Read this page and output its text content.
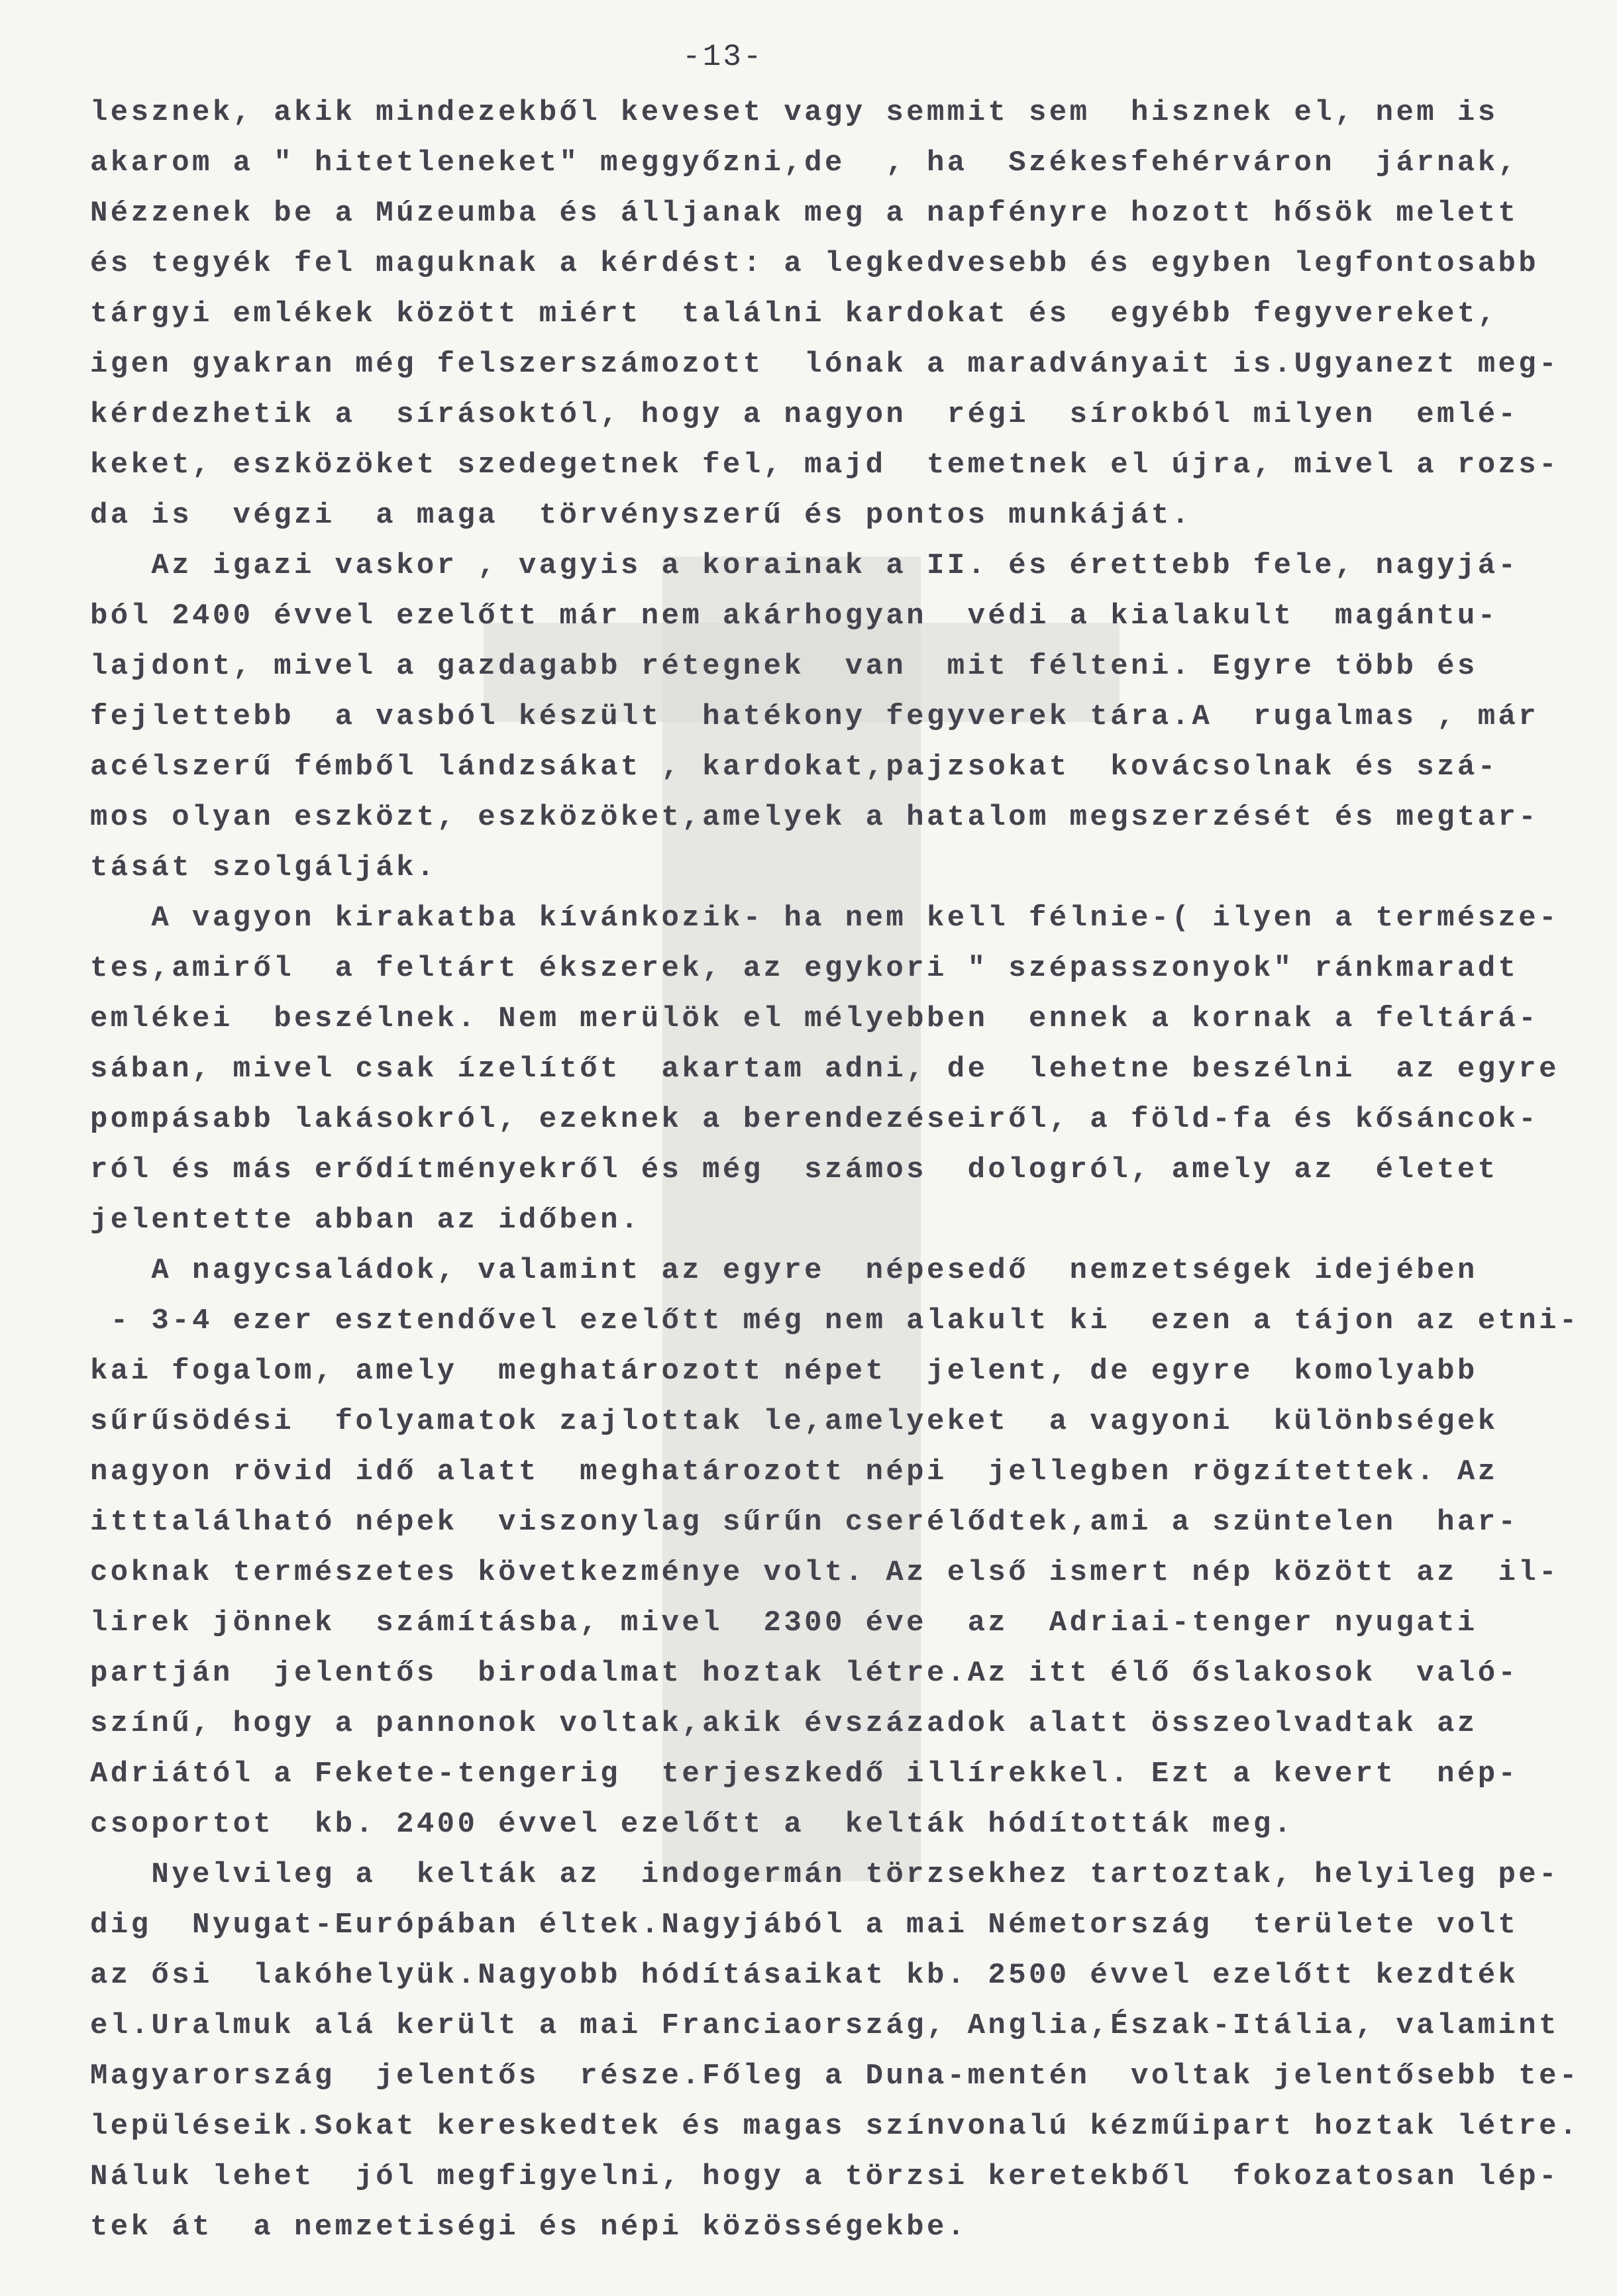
-13-
lesznek, akik mindezekből keveset vagy semmit sem  hisznek el, nem is
akarom a " hitetleneket" meggyőzni,de  , ha  Székesfehérváron  járnak,
Nézzenek be a Múzeumba és álljanak meg a napfényre hozott hősök melett
és tegyék fel maguknak a kérdést: a legkedvesebb és egyben legfontosabb
tárgyi emlékek között miért  találni kardokat és  egyébb fegyvereket,
igen gyakran még felszerszámozott  lónak a maradványait is.Ugyanezt meg-
kérdezhetik a  sírásoktól, hogy a nagyon  régi  sírokból milyen  emlé-
keket, eszközöket szedegetnek fel, majd  temetnek el újra, mivel a rozs-
da is  végzi  a maga  törvényszerű és pontos munkáját.
Az igazi vaskor , vagyis a korainak a II. és érettebb fele, nagyjá-
ból 2400 évvel ezelőtt már nem akárhogyan  védi a kialakult  magántu-
lajdont, mivel a gazdagabb rétegnek  van  mit félteni. Egyre több és
fejlettebb  a vasból készült  hatékony fegyverek tára.A  rugalmas , már
acélszerű fémből lándzsákat , kardokat,pajzsokat  kovácsolnak és szá-
mos olyan eszközt, eszközöket,amelyek a hatalom megszerzését és megtar-
tását szolgálják.
A vagyon kirakatba kívánkozik- ha nem kell félnie-( ilyen a természe-
tes,amiről  a feltárt ékszerek, az egykori " szépasszonyok" ránkmaradt
emlékei  beszélnek. Nem merülök el mélyebben  ennek a kornak a feltárá-
sában, mivel csak ízelítőt  akartam adni, de  lehetne beszélni  az egyre
pompásabb lakásokról, ezeknek a berendezéseiről, a föld-fa és kősáncok-
ról és más erődítményekről és még  számos  dologról, amely az  életet
jelentette abban az időben.
A nagycsaládok, valamint az egyre  népesedő  nemzetségek idejében
- 3-4 ezer esztendővel ezelőtt még nem alakult ki  ezen a tájon az etni-
kai fogalom, amely  meghatározott népet  jelent, de egyre  komolyabb
sűrűsödési  folyamatok zajlottak le,amelyeket  a vagyoni  különbségek
nagyon rövid idő alatt  meghatározott népi  jellegben rögzítettek. Az
itttalálható népek  viszonylag sűrűn cserélődtek,ami a szüntelen  har-
coknak természetes következménye volt. Az első ismert nép között az  il-
lirek jönnek  számításba, mivel  2300 éve  az  Adriai-tenger nyugati
partján  jelentős  birodalmat hoztak létre.Az itt élő őslakosok  való-
színű, hogy a pannonok voltak,akik évszázadok alatt összeolvadtak az
Adriától a Fekete-tengerig  terjeszkedő illírekkel. Ezt a kevert  nép-
csoportot  kb. 2400 évvel ezelőtt a  kelták hódították meg.
Nyelvileg a  kelták az  indogermán törzsekhez tartoztak, helyileg pe-
dig  Nyugat-Európában éltek.Nagyjából a mai Németország  területe volt
az ősi  lakóhelyük.Nagyobb hódításaikat kb. 2500 évvel ezelőtt kezdték
el.Uralmuk alá került a mai Franciaország, Anglia,Észak-Itália, valamint
Magyarország  jelentős  része.Főleg a Duna-mentén  voltak jelentősebb te-
lepüléseik.Sokat kereskedtek és magas színvonalú kézműipart hoztak létre.
Náluk lehet  jól megfigyelni, hogy a törzsi keretekből  fokozatosan lép-
tek át  a nemzetiségi és népi közösségekbe.
